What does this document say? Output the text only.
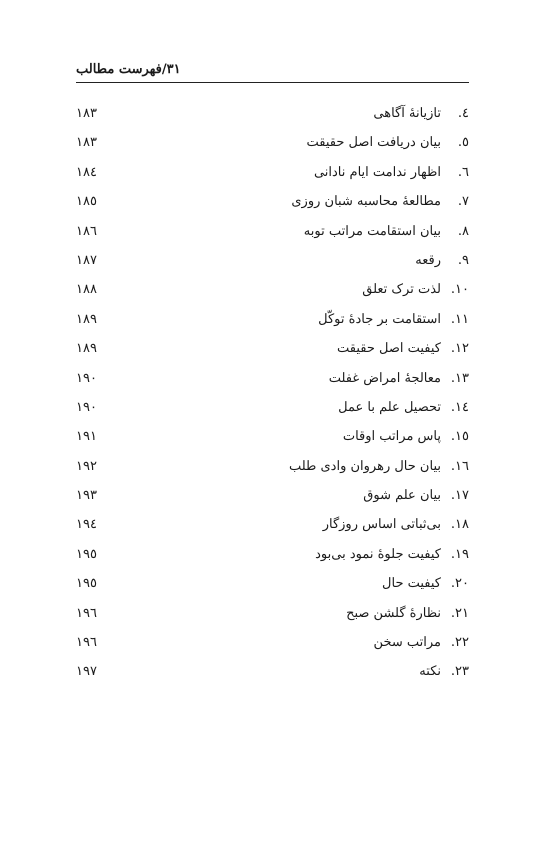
۳۱/فهرست مطالب
٤.
تازیانهٔ آگاهی
۱۸۳
٥.
بیان دریافت اصل حقیقت
۱۸۳
٦.
اظهار ندامت ایام نادانی
۱۸٤
٧.
مطالعهٔ محاسبه شبان روزی
۱۸٥
٨.
بیان استقامت مراتب توبه
۱۸٦
٩.
رقعه
۱۸۷
١٠.
لذت ترک تعلق
۱۸۸
١١.
استقامت بر جادهٔ توکّل
۱۸۹
١٢.
کیفیت اصل حقیقت
۱۸۹
١٣.
معالجهٔ امراض غفلت
۱۹۰
١٤.
تحصیل علم با عمل
۱۹۰
١٥.
پاس مراتب اوقات
۱۹۱
١٦.
بیان حال رهروان وادی طلب
۱۹۲
١٧.
بیان علم شوق
۱۹۳
١٨.
بی‌ثباتی اساس روزگار
۱۹٤
١٩.
کیفیت جلوهٔ نمود بی‌بود
۱۹٥
٢٠.
کیفیت حال
۱۹٥
٢١.
نظارهٔ گلشن صبح
۱۹٦
٢٢.
مراتب سخن
۱۹٦
٢٣.
نکته
۱۹۷
